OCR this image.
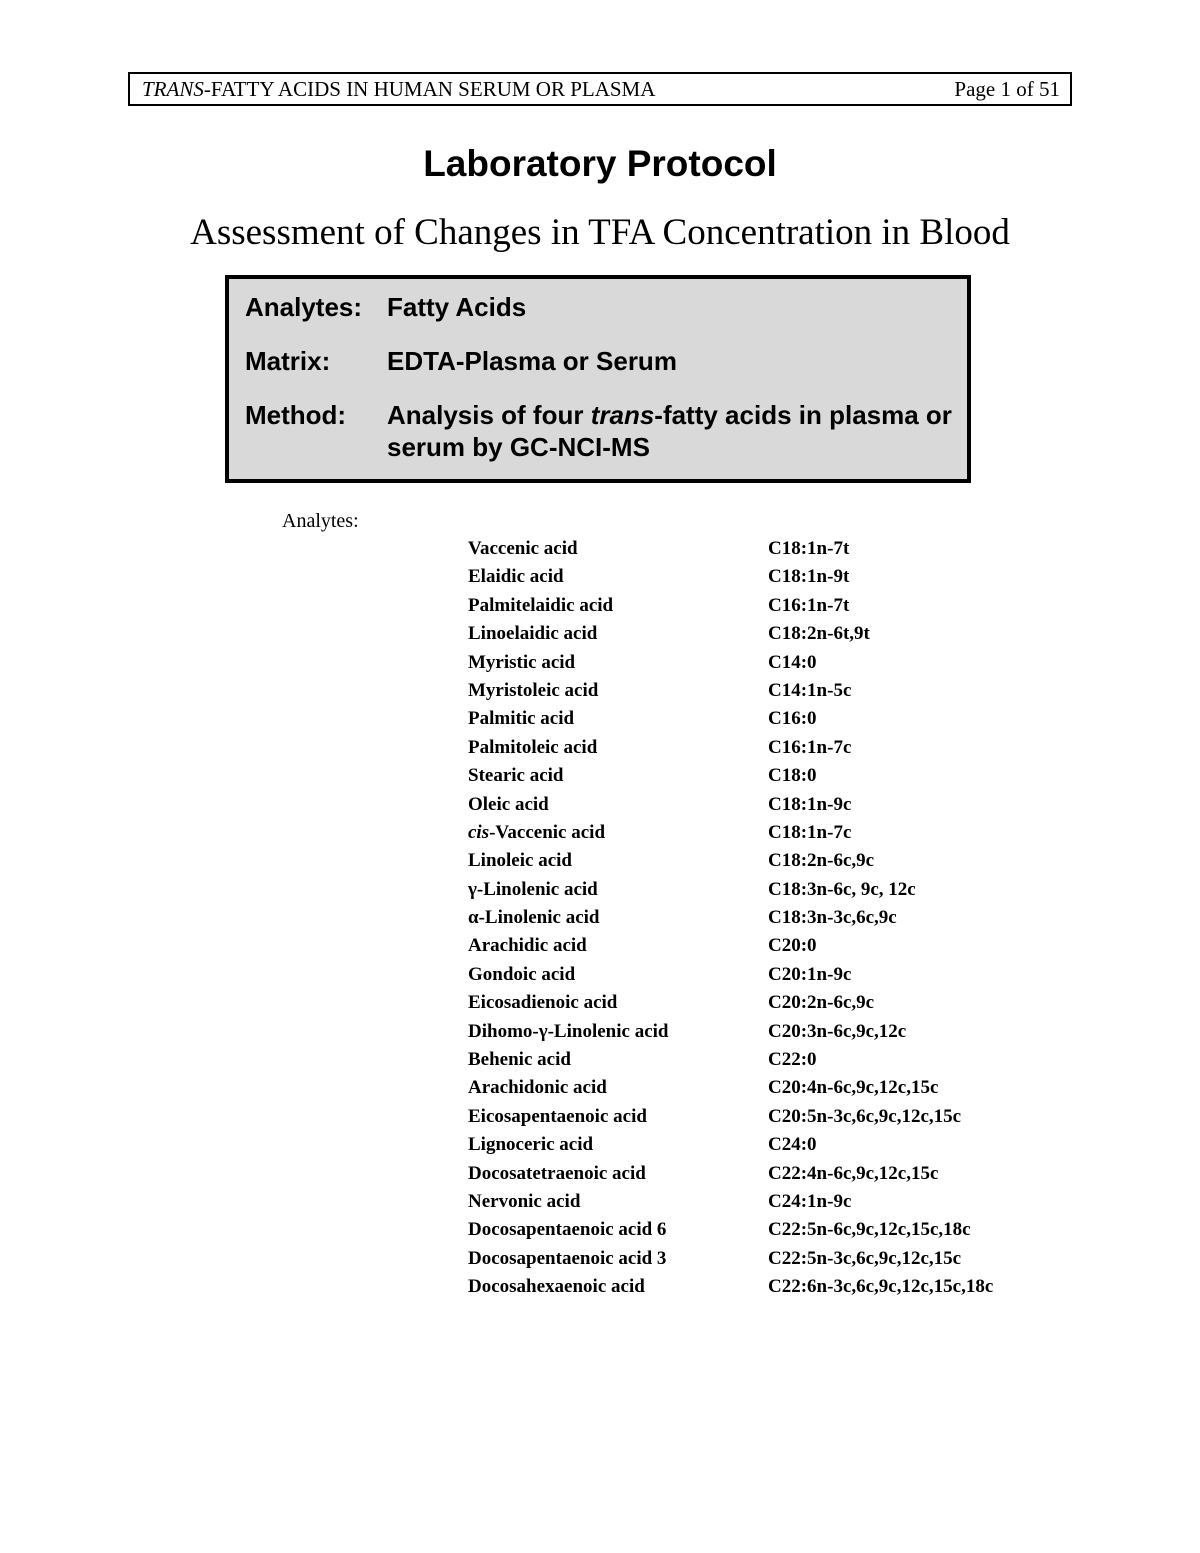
TRANS-FATTY ACIDS IN HUMAN SERUM OR PLASMA	Page 1 of 51
Laboratory Protocol
Assessment of Changes in TFA Concentration in Blood
Analytes: Fatty Acids
Matrix: EDTA-Plasma or Serum
Method: Analysis of four trans-fatty acids in plasma or serum by GC-NCI-MS
Analytes:
Vaccenic acid	C18:1n-7t
Elaidic acid	C18:1n-9t
Palmitelaidic acid	C16:1n-7t
Linoelaidic acid	C18:2n-6t,9t
Myristic acid	C14:0
Myristoleic acid	C14:1n-5c
Palmitic acid	C16:0
Palmitoleic acid	C16:1n-7c
Stearic acid	C18:0
Oleic acid	C18:1n-9c
cis-Vaccenic acid	C18:1n-7c
Linoleic acid	C18:2n-6c,9c
γ-Linolenic acid	C18:3n-6c, 9c, 12c
α-Linolenic acid	C18:3n-3c,6c,9c
Arachidic acid	C20:0
Gondoic acid	C20:1n-9c
Eicosadienoic acid	C20:2n-6c,9c
Dihomo-γ-Linolenic acid	C20:3n-6c,9c,12c
Behenic acid	C22:0
Arachidonic acid	C20:4n-6c,9c,12c,15c
Eicosapentaenoic acid	C20:5n-3c,6c,9c,12c,15c
Lignoceric acid	C24:0
Docosatetraenoic acid	C22:4n-6c,9c,12c,15c
Nervonic acid	C24:1n-9c
Docosapentaenoic acid 6	C22:5n-6c,9c,12c,15c,18c
Docosapentaenoic acid 3	C22:5n-3c,6c,9c,12c,15c
Docosahexaenoic acid	C22:6n-3c,6c,9c,12c,15c,18c
